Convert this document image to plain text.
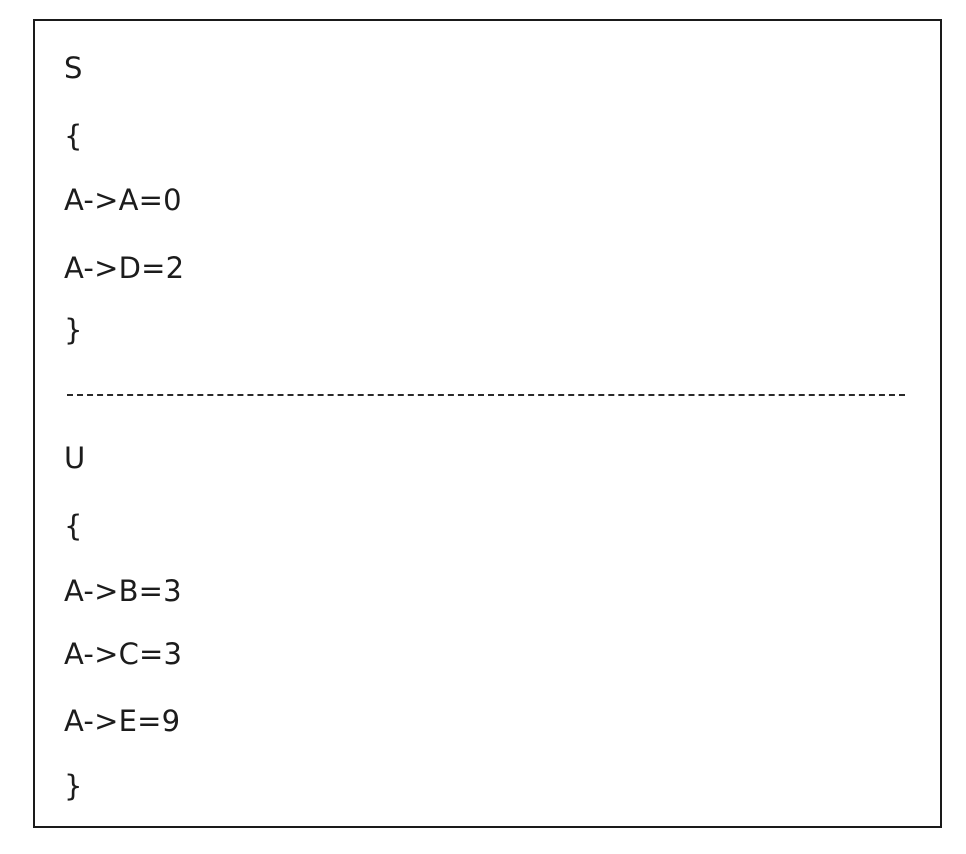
S
{
A->A=0
A->D=2
}
U
{
A->B=3
A->C=3
A->E=9
}
